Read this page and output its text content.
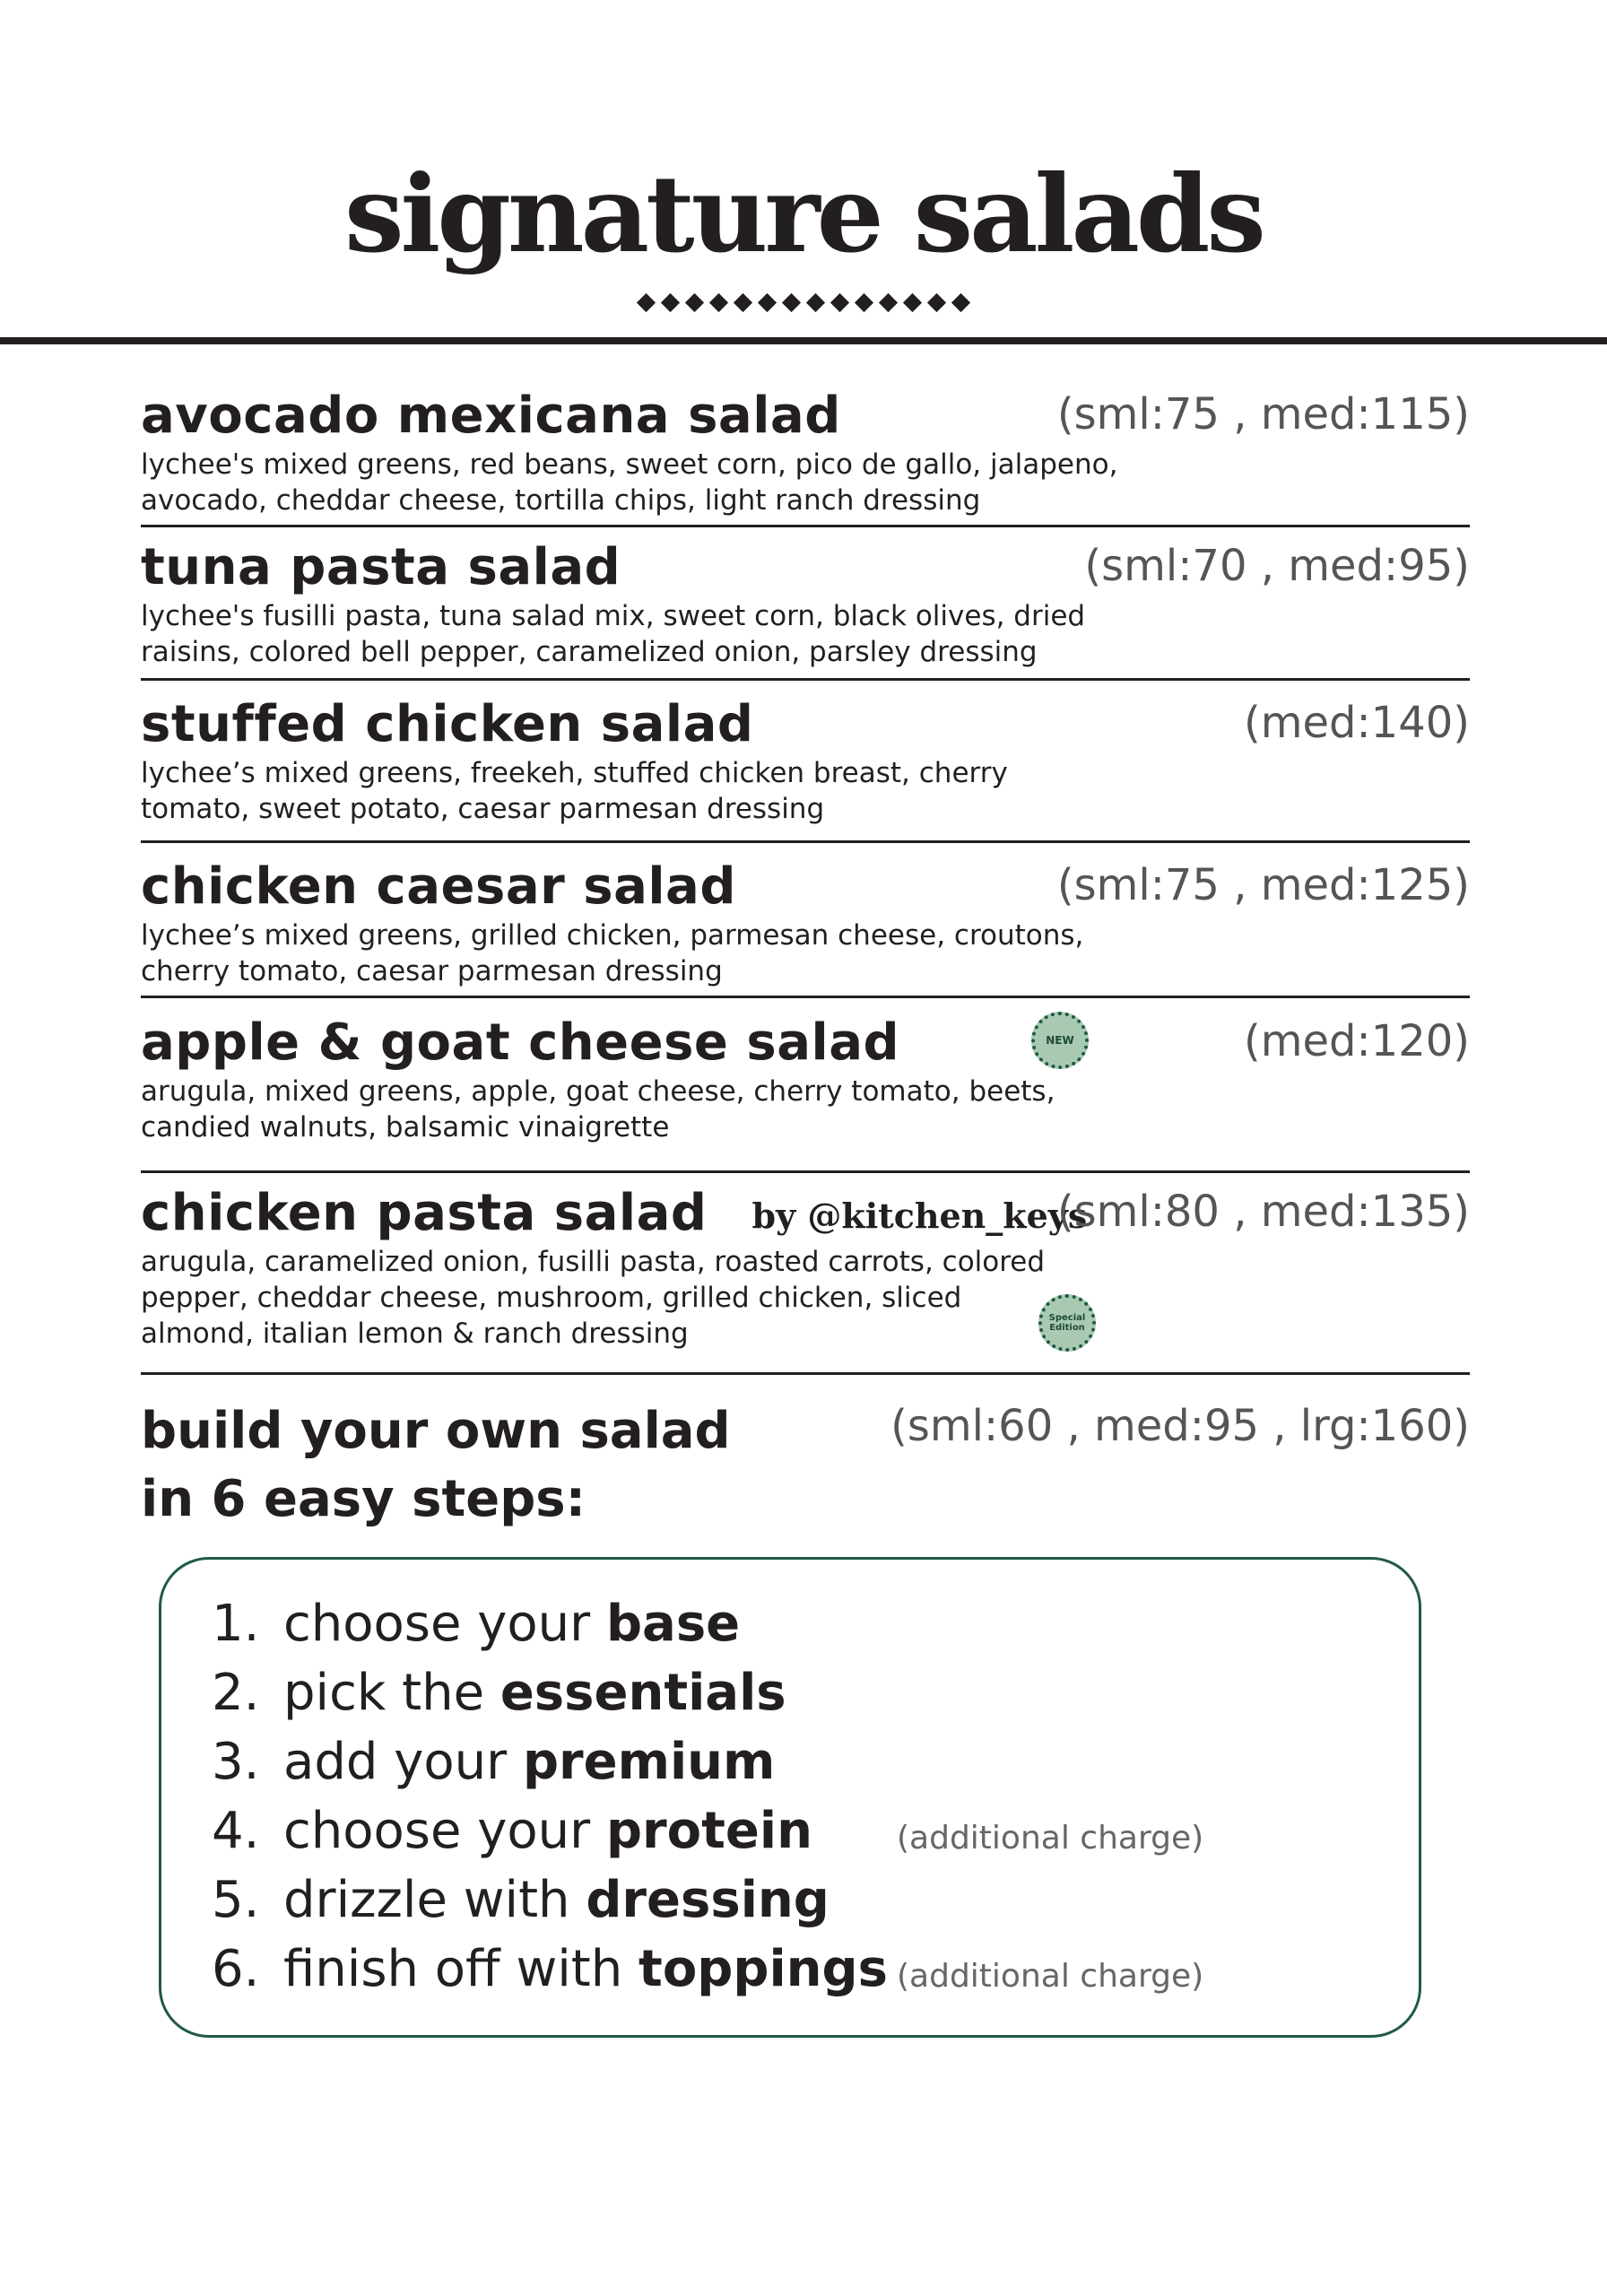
signature salads
avocado mexicana salad	(sml:75 , med:115)
lychee's mixed greens, red beans, sweet corn, pico de gallo, jalapeno,
avocado, cheddar cheese, tortilla chips, light ranch dressing
tuna pasta salad	(sml:70 , med:95)
lychee's fusilli pasta, tuna salad mix, sweet corn, black olives, dried
raisins, colored bell pepper, caramelized onion, parsley dressing
stuffed chicken salad	(med:140)
lychee’s mixed greens, freekeh, stuffed chicken breast, cherry
tomato, sweet potato, caesar parmesan dressing
chicken caesar salad	(sml:75 , med:125)
lychee’s mixed greens, grilled chicken, parmesan cheese, croutons,
cherry tomato, caesar parmesan dressing
apple & goat cheese salad	(med:120)
arugula, mixed greens, apple, goat cheese, cherry tomato, beets,
candied walnuts, balsamic vinaigrette
NEW
chicken pasta salad by @kitchen_keys
(sml:80 , med:135)
arugula, caramelized onion, fusilli pasta, roasted carrots, colored
pepper, cheddar cheese, mushroom, grilled chicken, sliced
almond, italian lemon & ranch dressing	Special
Edition
build your own salad
in 6 easy steps:
(sml:60 , med:95 , lrg:160)
1. choose your base
2. pick the essentials
3. add your premium
4. choose your protein	(additional charge)
5. drizzle with dressing
6. finish off with toppings (additional charge)
